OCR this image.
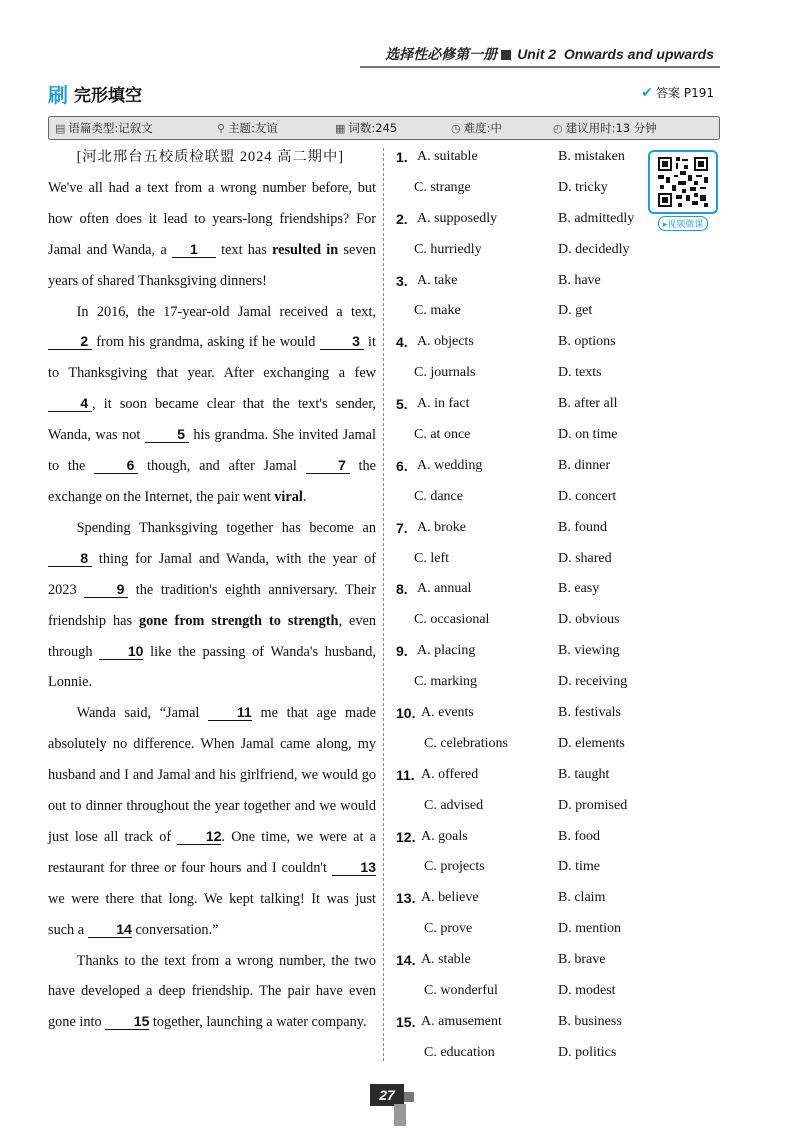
选择性必修第一册 Unit 2 Onwards and upwards
刷 完形填空	✔ 答案 P191
▤ 语篇类型:记叙文	⚲ 主题:友谊	▦ 词数:245	◷ 难度:中	◴ 建议用时:13 分钟

[河北邢台五校质检联盟 2024 高二期中]

We've all had a text from a wrong number before, but how often does it lead to years-long friendships? For Jamal and Wanda, a 1 text has resulted in seven years of shared Thanksgiving dinners!

In 2016, the 17-year-old Jamal received a text, 2 from his grandma, asking if he would 3 it to Thanksgiving that year. After exchanging a few 4 , it soon became clear that the text's sender, Wanda, was not 5 his grandma. She invited Jamal to the 6 though, and after Jamal 7 the exchange on the Internet, the pair went viral.

Spending Thanksgiving together has become an 8 thing for Jamal and Wanda, with the year of 2023 9 the tradition's eighth anniversary. Their friendship has gone from strength to strength, even through 10 like the passing of Wanda's husband, Lonnie.

Wanda said, “Jamal 11 me that age made absolutely no difference. When Jamal came along, my husband and I and Jamal and his girlfriend, we would go out to dinner throughout the year together and we would just lose all track of 12. One time, we were at a restaurant for three or four hours and I couldn't 13 we were there that long. We kept talking! It was just such a 14 conversation.”

Thanks to the text from a wrong number, the two have developed a deep friendship. The pair have even gone into 15 together, launching a water company.

1. A. suitable	B. mistaken
C. strange	D. tricky
2. A. supposedly	B. admittedly
C. hurriedly	D. decidedly
3. A. take	B. have
C. make	D. get
4. A. objects	B. options
C. journals	D. texts
5. A. in fact	B. after all
C. at once	D. on time
6. A. wedding	B. dinner
C. dance	D. concert
7. A. broke	B. found
C. left	D. shared
8. A. annual	B. easy
C. occasional	D. obvious
9. A. placing	B. viewing
C. marking	D. receiving
10. A. events	B. festivals
C. celebrations	D. elements
11. A. offered	B. taught
C. advised	D. promised
12. A. goals	B. food
C. projects	D. time
13. A. believe	B. claim
C. prove	D. mention
14. A. stable	B. brave
C. wonderful	D. modest
15. A. amusement	B. business
C. education	D. politics
▸视频微课
27
